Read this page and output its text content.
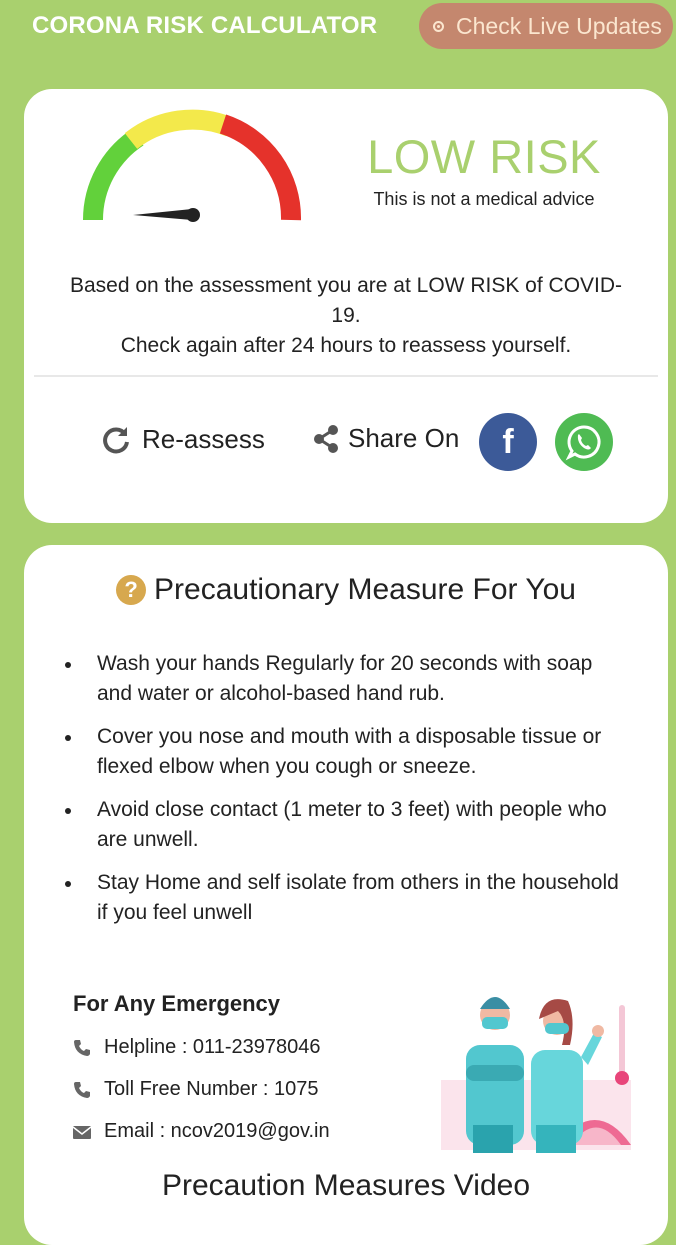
CORONA RISK CALCULATOR	Check Live Updates
LOW RISK
This is not a medical advice
Based on the assessment you are at LOW RISK of COVID-19.
Check again after 24 hours to reassess yourself.
Re-assess	Share On f
? Precautionary Measure For You
Wash your hands Regularly for 20 seconds with soap and water or alcohol-based hand rub.
Cover you nose and mouth with a disposable tissue or flexed elbow when you cough or sneeze.
Avoid close contact (1 meter to 3 feet) with people who are unwell.
Stay Home and self isolate from others in the household if you feel unwell
For Any Emergency
Helpline : 011-23978046
Toll Free Number : 1075
Email : ncov2019@gov.in
Precaution Measures Video
